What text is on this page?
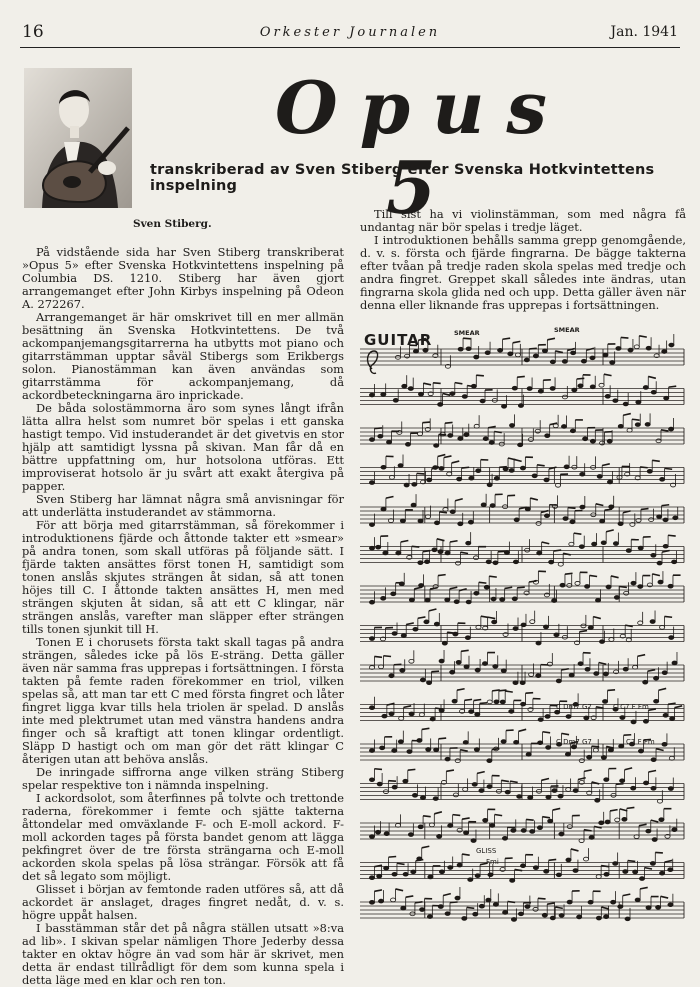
16	Orkester Journalen	Jan. 1941
Sven Stiberg.
Opus 5
transkriberad av Sven Stiberg efter Svenska Hotkvintettens inspelning

På vidstående sida har Sven Stiberg transkriberat »Opus 5» efter Svenska Hotkvintettens inspelning på Columbia DS. 1210. Stiberg har även gjort arrangemanget efter John Kirbys inspelning på Odeon A. 272267.

Arrangemanget är här omskrivet till en mer allmän besättning än Svenska Hotkvintettens. De två ackompanjemangsgitarrerna ha utbytts mot piano och gitarrstämman upptar såväl Stibergs som Erikbergs solon. Pianostämman kan även användas som gitarrstämma för ackompanjemang, då ackordbeteckningarna äro inprickade.

De båda solostämmorna äro som synes långt ifrån lätta allra helst som numret bör spelas i ett ganska hastigt tempo. Vid instuderandet är det givetvis en stor hjälp att samtidigt lyssna på skivan. Man får då en bättre uppfattning om, hur hotsolona utföras. Ett improviserat hotsolo är ju svårt att exakt återgiva på papper.

Sven Stiberg har lämnat några små anvisningar för att underlätta instuderandet av stämmorna.

För att börja med gitarrstämman, så förekommer i introduktionens fjärde och åttonde takter ett »smear» på andra tonen, som skall utföras på följande sätt. I fjärde takten ansättes först tonen H, samtidigt som tonen anslås skjutes strängen åt sidan, så att tonen höjes till C. I åttonde takten ansättes H, men med strängen skjuten åt sidan, så att ett C klingar, när strängen anslås, varefter man släpper efter strängen tills tonen sjunkit till H.

Tonen E i chorusets första takt skall tagas på andra strängen, således icke på lös E-sträng. Detta gäller även när samma fras upprepas i fortsättningen. I första takten på femte raden förekommer en triol, vilken spelas så, att man tar ett C med första fingret och låter fingret ligga kvar tills hela triolen är spelad. D anslås inte med plektrumet utan med vänstra handens andra finger och så kraftigt att tonen klingar ordentligt. Släpp D hastigt och om man gör det rätt klingar C återigen utan att behöva anslås.

De inringade siffrorna ange vilken sträng Stiberg spelar respektive ton i nämnda inspelning.

I ackordsolot, som återfinnes på tolvte och trettonde raderna, förekommer i femte och sjätte takterna åttondelar med omväxlande F- och E-moll ackord. F-moll ackorden tages på första bandet genom att lägga pekfingret över de tre första strängarna och E-moll ackorden skola spelas på lösa strängar. Försök att få det så legato som möjligt.

Glisset i början av femtonde raden utföres så, att då ackordet är anslaget, drages fingret nedåt, d. v. s. högre uppåt halsen.

I basstämman står det på några ställen utsatt »8:va ad lib». I skivan spelar nämligen Thore Jederby dessa takter en oktav högre än vad som här är skrivet, men detta är endast tillrådligt för dem som kunna spela i detta läge med en klar och ren ton.

Till sist ha vi violinstämman, som med några få undantag när bör spelas i tredje läget.

I introduktionen behålls samma grepp genomgående, d. v. s. första och fjärde fingrarna. De bägge takterna efter tvåan på tredje raden skola spelas med tredje och andra fingret. Greppet skall således inte ändras, utan fingrarna skola glida ned och upp. Detta gäller även när denna eller liknande fras upprepas i fortsättningen.

GUITAR	SMEAR	SMEAR
C Dm7 G7	C C7 F Fm
C Dm7 G7	C7 F Fm
GLISS
Fmi
